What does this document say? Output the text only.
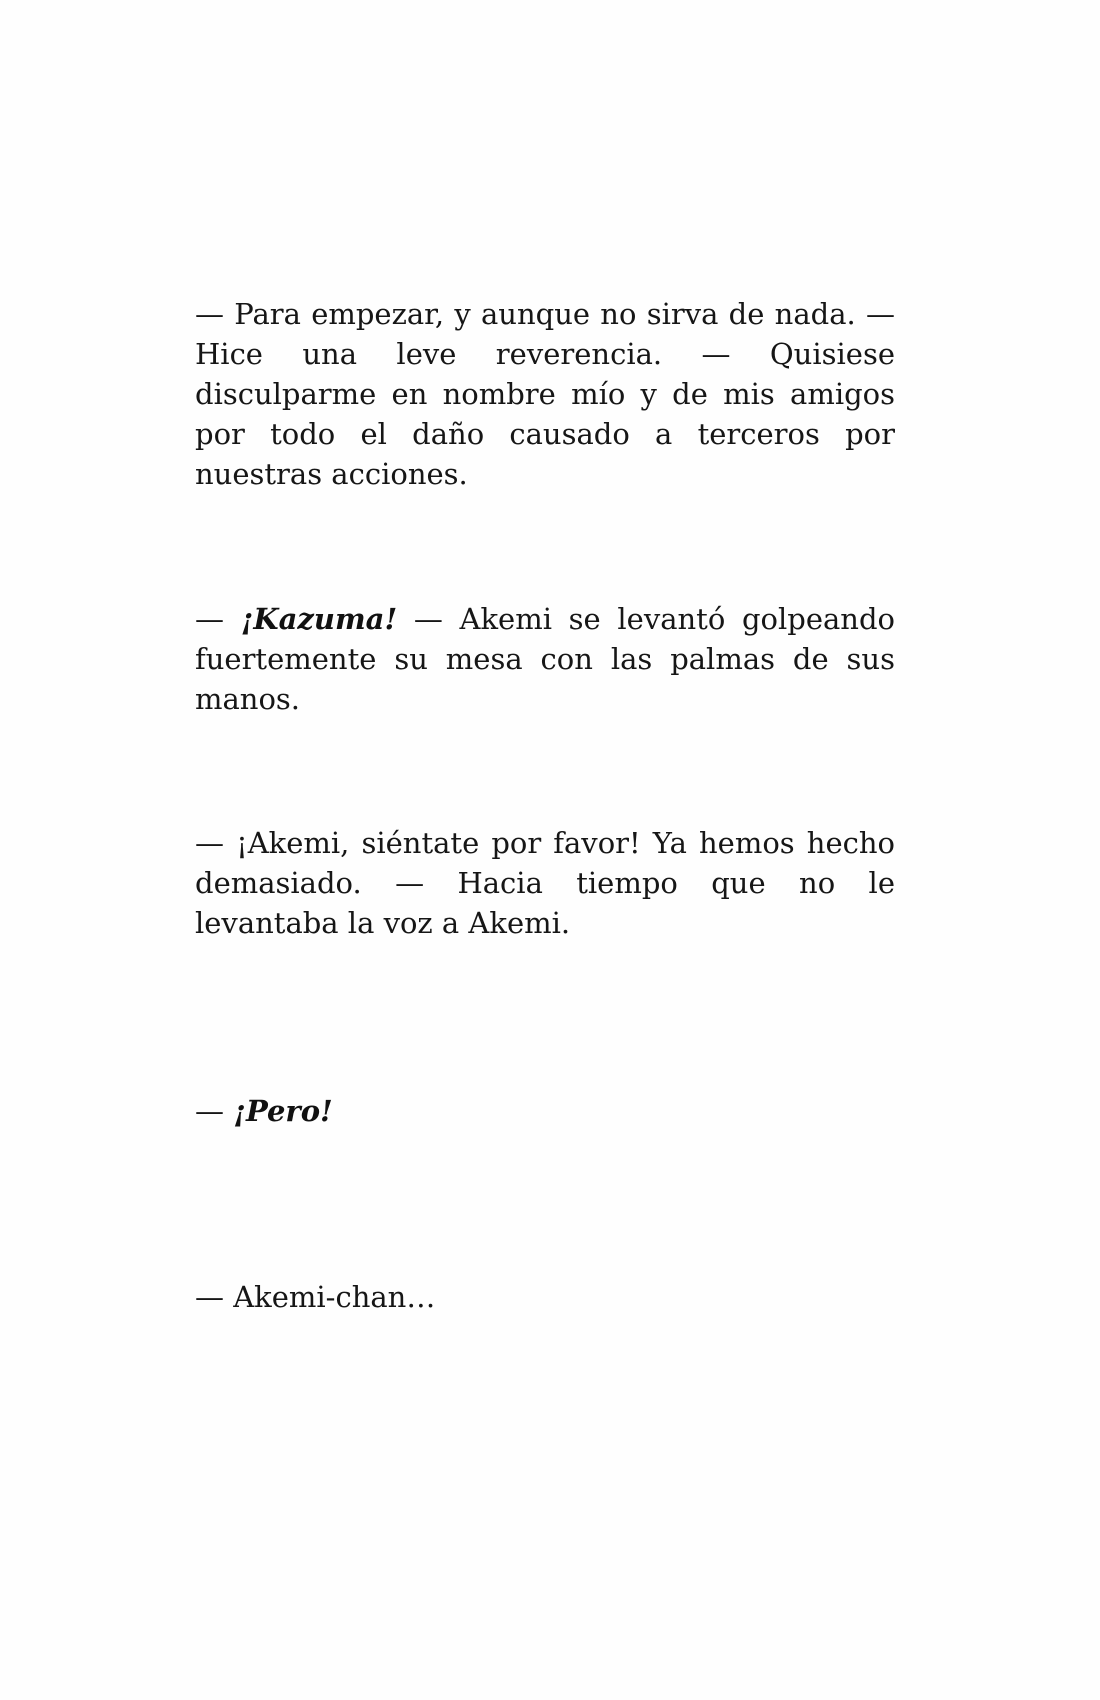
— Para empezar, y aunque no sirva de nada. — Hice una leve reverencia. — Quisiese disculparme en nombre mío y de mis amigos por todo el daño causado a terceros por nuestras acciones.

— ¡Kazuma! — Akemi se levantó golpeando fuertemente su mesa con las palmas de sus manos.

— ¡Akemi, siéntate por favor! Ya hemos hecho demasiado. — Hacia tiempo que no le levantaba la voz a Akemi.

— ¡Pero!

— Akemi-chan…
